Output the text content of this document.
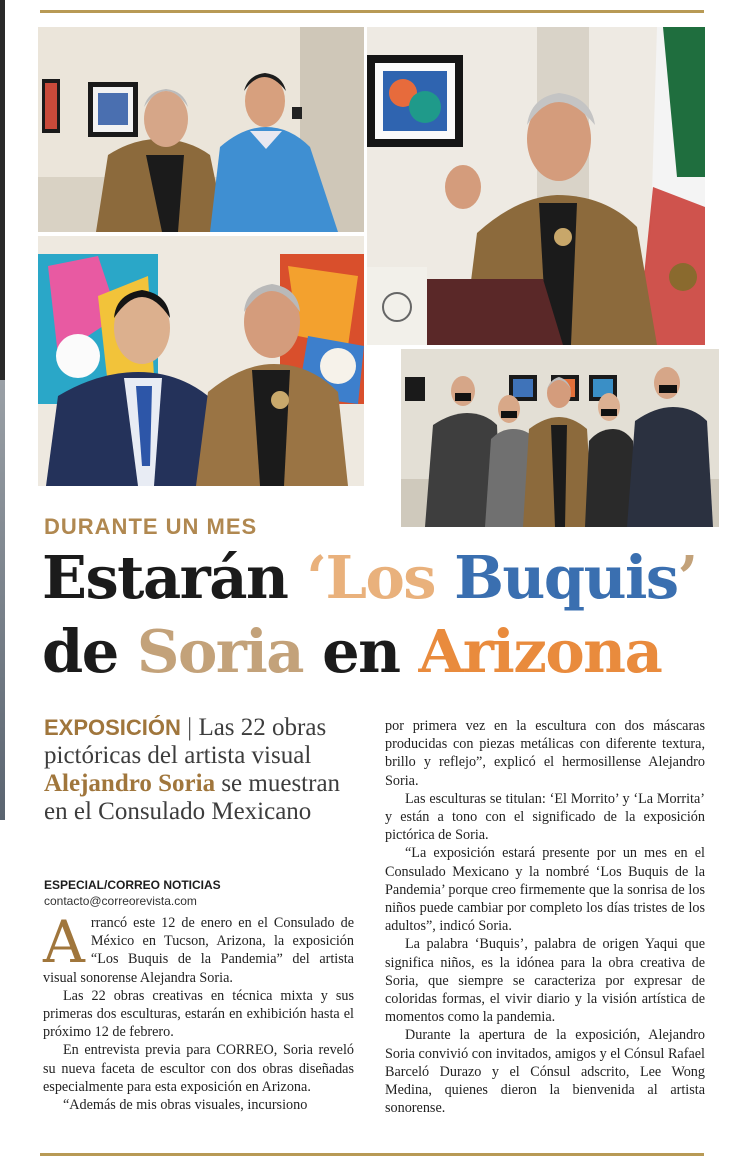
DURANTE UN MES
Estarán ‘Los Buquis’
de Soria en Arizona
EXPOSICIÓN | Las 22 obras pictóricas del artista visual Alejandro Soria se muestran en el Consulado Mexicano
ESPECIAL/CORREO NOTICIAS
contacto@correorevista.com

Arrancó este 12 de enero en el Consulado de México en Tucson, Arizona, la exposición “Los Buquis de la Pandemia” del artista visual sonorense Alejandra Soria.

Las 22 obras creativas en técnica mixta y sus primeras dos esculturas, estarán en exhibición hasta el próximo 12 de febrero.

En entrevista previa para CORREO, Soria reveló su nueva faceta de escultor con dos obras diseñadas especialmente para esta exposición en Arizona.

“Además de mis obras visuales, incursiono

por primera vez en la escultura con dos máscaras producidas con piezas metálicas con diferente textura, brillo y reflejo”, explicó el hermosillense Alejandro Soria.

Las esculturas se titulan: ‘El Morrito’ y ‘La Morrita’ y están a tono con el significado de la exposición pictórica de Soria.

“La exposición estará presente por un mes en el Consulado Mexicano y la nombré ‘Los Buquis de la Pandemia’ porque creo firmemente que la sonrisa de los niños puede cambiar por completo los días tristes de los adultos”, indicó Soria.

La palabra ‘Buquis’, palabra de origen Yaqui que significa niños, es la idónea para la obra creativa de Soria, que siempre se caracteriza por expresar de coloridas formas, el vivir diario y la visión artística de momentos como la pandemia.

Durante la apertura de la exposición, Alejandro Soria convivió con invitados, amigos y el Cónsul Rafael Barceló Durazo y el Cónsul adscrito, Lee Wong Medina, quienes dieron la bienvenida al artista sonorense.
